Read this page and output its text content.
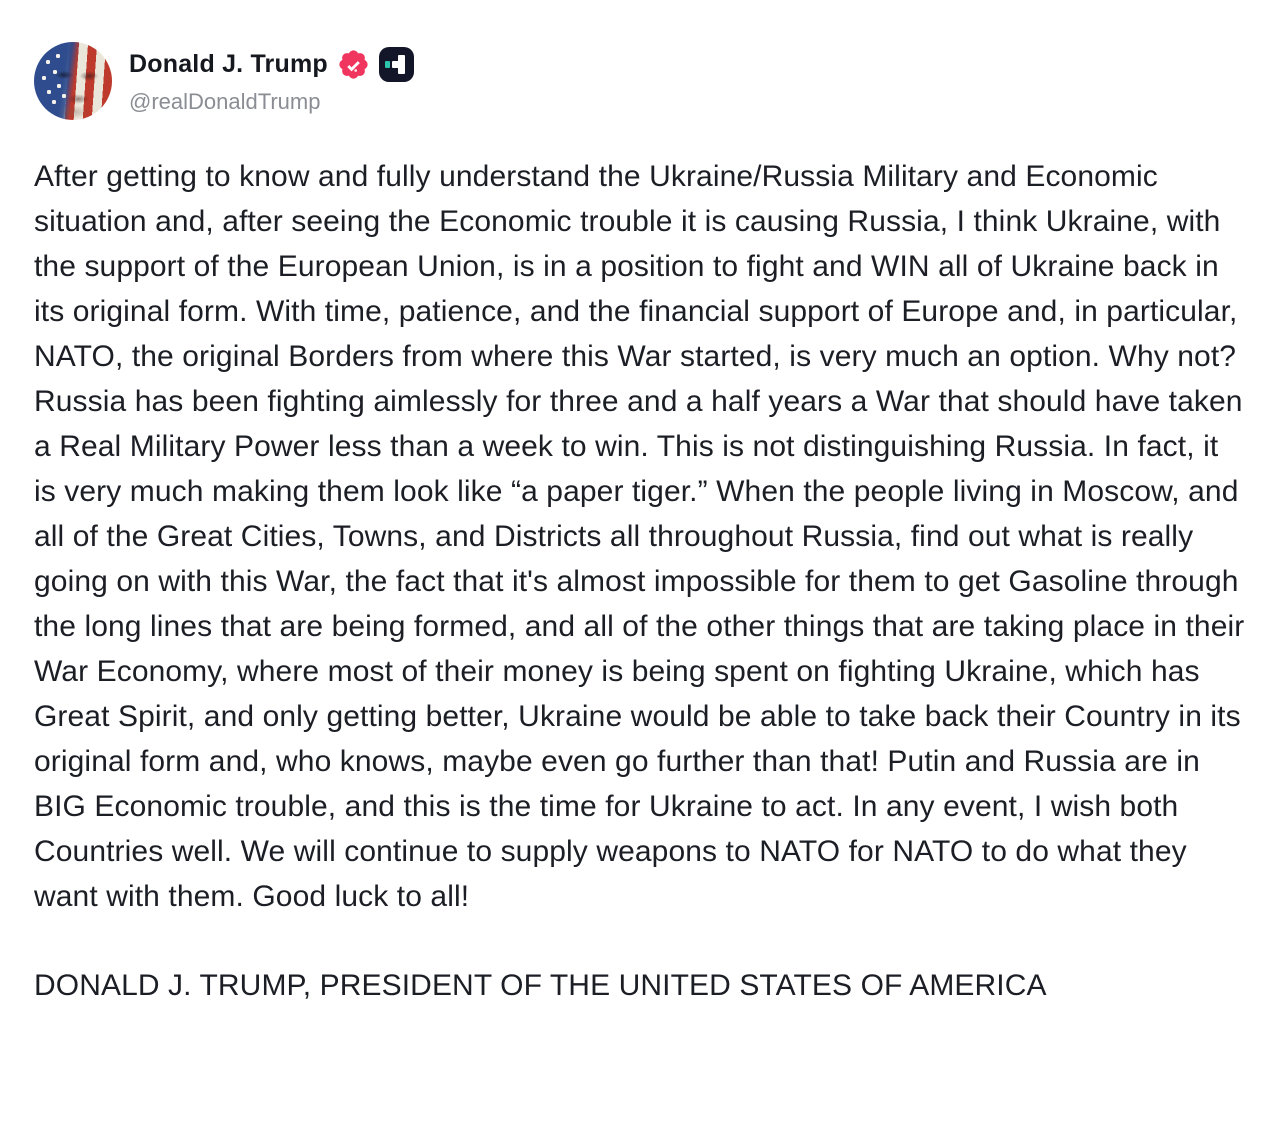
Donald J. Trump
@realDonaldTrump

After getting to know and fully understand the Ukraine/Russia Military and Economic situation and, after seeing the Economic trouble it is causing Russia, I think Ukraine, with the support of the European Union, is in a position to fight and WIN all of Ukraine back in its original form. With time, patience, and the financial support of Europe and, in particular, NATO, the original Borders from where this War started, is very much an option. Why not? Russia has been fighting aimlessly for three and a half years a War that should have taken a Real Military Power less than a week to win. This is not distinguishing Russia. In fact, it is very much making them look like “a paper tiger.” When the people living in Moscow, and all of the Great Cities, Towns, and Districts all throughout Russia, find out what is really going on with this War, the fact that it's almost impossible for them to get Gasoline through the long lines that are being formed, and all of the other things that are taking place in their War Economy, where most of their money is being spent on fighting Ukraine, which has Great Spirit, and only getting better, Ukraine would be able to take back their Country in its original form and, who knows, maybe even go further than that! Putin and Russia are in BIG Economic trouble, and this is the time for Ukraine to act. In any event, I wish both Countries well. We will continue to supply weapons to NATO for NATO to do what they want with them. Good luck to all!

DONALD J. TRUMP, PRESIDENT OF THE UNITED STATES OF AMERICA
